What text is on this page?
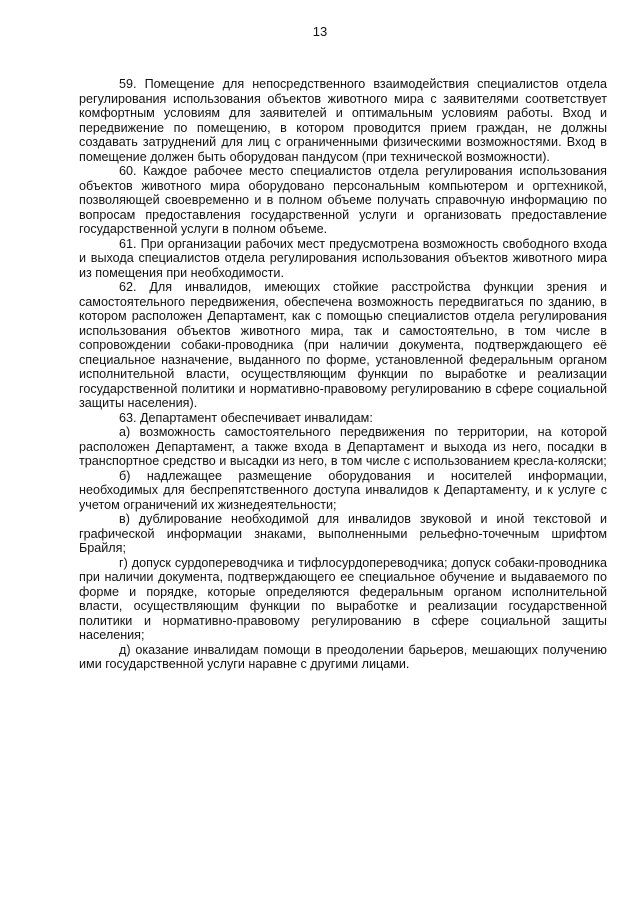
13

59. Помещение для непосредственного взаимодействия специалистов отдела регулирования использования объектов животного мира с заявителями соответствует комфортным условиям для заявителей и оптимальным условиям работы. Вход и передвижение по помещению, в котором проводится прием граждан, не должны создавать затруднений для лиц с ограниченными физическими возможностями. Вход в помещение должен быть оборудован пандусом (при технической возможности).

60. Каждое рабочее место специалистов отдела регулирования использования объектов животного мира оборудовано персональным компьютером и оргтехникой, позволяющей своевременно и в полном объеме получать справочную информацию по вопросам предоставления государственной услуги и организовать предоставление государственной услуги в полном объеме.

61. При организации рабочих мест предусмотрена возможность свободного входа и выхода специалистов отдела регулирования использования объектов животного мира из помещения при необходимости.

62. Для инвалидов, имеющих стойкие расстройства функции зрения и самостоятельного передвижения, обеспечена возможность передвигаться по зданию, в котором расположен Департамент, как с помощью специалистов отдела регулирования использования объектов животного мира, так и самостоятельно, в том числе в сопровождении собаки-проводника (при наличии документа, подтверждающего её специальное назначение, выданного по форме, установленной федеральным органом исполнительной власти, осуществляющим функции по выработке и реализации государственной политики и нормативно-правовому регулированию в сфере социальной защиты населения).

63. Департамент обеспечивает инвалидам:

а) возможность самостоятельного передвижения по территории, на которой расположен Департамент, а также входа в Департамент и выхода из него, посадки в транспортное средство и высадки из него, в том числе с использованием кресла-коляски;

б) надлежащее размещение оборудования и носителей информации, необходимых для беспрепятственного доступа инвалидов к Департаменту, и к услуге с учетом ограничений их жизнедеятельности;

в) дублирование необходимой для инвалидов звуковой и иной текстовой и графической информации знаками, выполненными рельефно-точечным шрифтом Брайля;

г) допуск сурдопереводчика и тифлосурдопереводчика; допуск собаки-проводника при наличии документа, подтверждающего ее специальное обучение и выдаваемого по форме и порядке, которые определяются федеральным органом исполнительной власти, осуществляющим функции по выработке и реализации государственной политики и нормативно-правовому регулированию в сфере социальной защиты населения;

д) оказание инвалидам помощи в преодолении барьеров, мешающих получению ими государственной услуги наравне с другими лицами.
